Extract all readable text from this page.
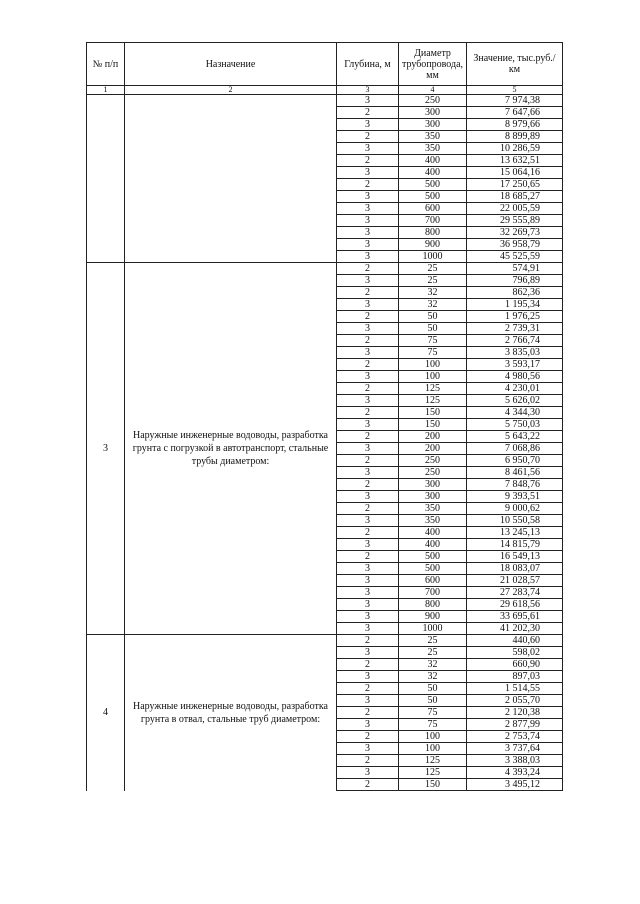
№ п/п	Назначение	Глубина, м	Диаметр трубопровода, мм	Значение, тыс.руб./км
1	2	3	4	5
		3	250	7 974,38
		2	300	7 647,66
		3	300	8 979,66
		2	350	8 899,89
		3	350	10 286,59
		2	400	13 632,51
		3	400	15 064,16
		2	500	17 250,65
		3	500	18 685,27
		3	600	22 005,59
		3	700	29 555,89
		3	800	32 269,73
		3	900	36 958,79
		3	1000	45 525,59
3	Наружные инженерные водоводы, разработка грунта с погрузкой в автотранспорт, стальные трубы диаметром:	2	25	574,91
		3	25	796,89
		2	32	862,36
		3	32	1 195,34
		2	50	1 976,25
		3	50	2 739,31
		2	75	2 766,74
		3	75	3 835,03
		2	100	3 593,17
		3	100	4 980,56
		2	125	4 230,01
		3	125	5 626,02
		2	150	4 344,30
		3	150	5 750,03
		2	200	5 643,22
		3	200	7 068,86
		2	250	6 950,70
		3	250	8 461,56
		2	300	7 848,76
		3	300	9 393,51
		2	350	9 000,62
		3	350	10 550,58
		2	400	13 245,13
		3	400	14 815,79
		2	500	16 549,13
		3	500	18 083,07
		3	600	21 028,57
		3	700	27 283,74
		3	800	29 618,56
		3	900	33 695,61
		3	1000	41 202,30
4	Наружные инженерные водоводы, разработка грунта в отвал, стальные труб диаметром:	2	25	440,60
		3	25	598,02
		2	32	660,90
		3	32	897,03
		2	50	1 514,55
		3	50	2 055,70
		2	75	2 120,38
		3	75	2 877,99
		2	100	2 753,74
		3	100	3 737,64
		2	125	3 388,03
		3	125	4 393,24
		2	150	3 495,12
